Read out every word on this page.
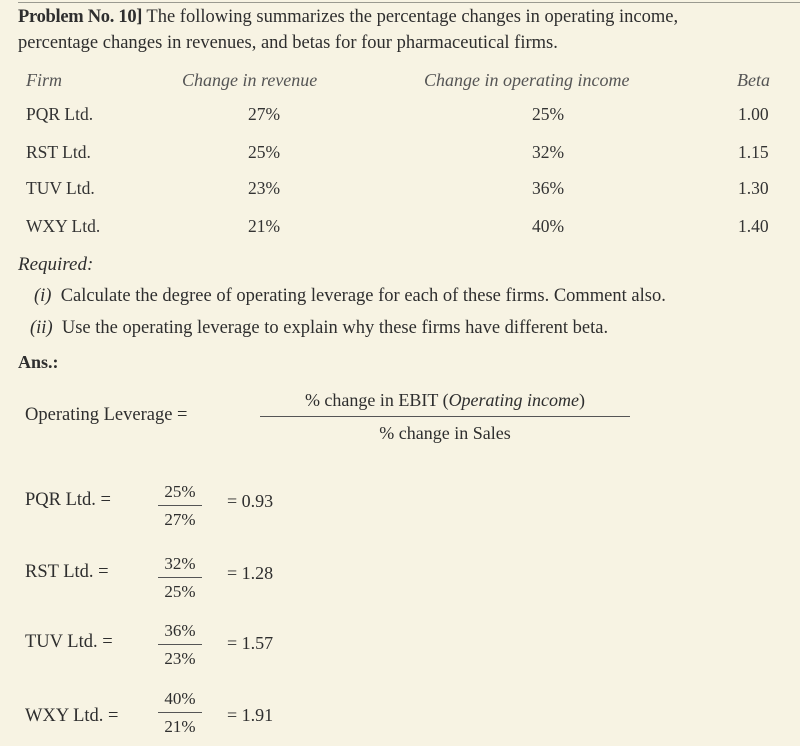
Problem No. 10] The following summarizes the percentage changes in operating income,
percentage changes in revenues, and betas for four pharmaceutical firms.
Firm	Change in revenue	Change in operating income	Beta
PQR Ltd.	27%	25%	1.00
RST Ltd.	25%	32%	1.15
TUV Ltd.	23%	36%	1.30
WXY Ltd.	21%	40%	1.40
Required:
(i) Calculate the degree of operating leverage for each of these firms. Comment also.
(ii) Use the operating leverage to explain why these firms have different beta.
Ans.:
Operating Leverage =
% change in EBIT (Operating income)
% change in Sales
PQR Ltd. =	25%
27%
= 0.93
RST Ltd. =	32%
25%
= 1.28
TUV Ltd. =
36%
23%
= 1.57
WXY Ltd. =
40%
21%
= 1.91
